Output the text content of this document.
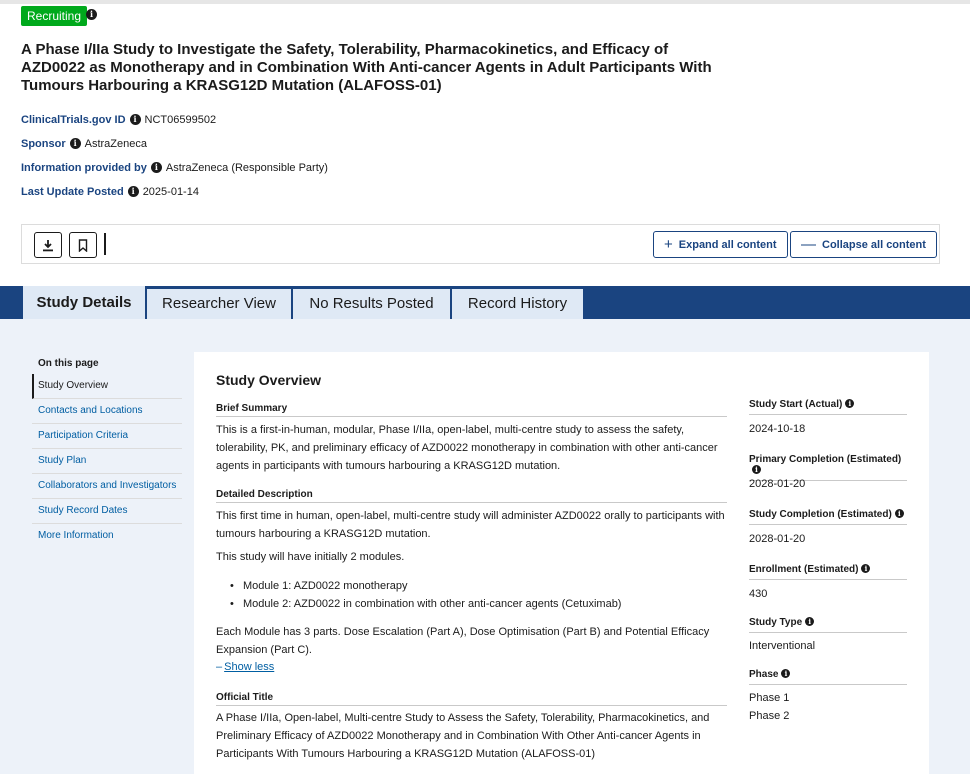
Recruiting	i
A Phase I/IIa Study to Investigate the Safety, Tolerability, Pharmacokinetics, and Efficacy of AZD0022 as Monotherapy and in Combination With Anti-cancer Agents in Adult Participants With Tumours Harbouring a KRASG12D Mutation (ALAFOSS-01)
ClinicalTrials.gov ID i NCT06599502
Sponsor i AstraZeneca
Information provided by i AstraZeneca (Responsible Party)
Last Update Posted i 2025-01-14
+ Expand all content — Collapse all content
Study Details	Researcher View	No Results Posted	Record History
On this page
Study Overview
Contacts and Locations
Participation Criteria
Study Plan
Collaborators and Investigators
Study Record Dates
More Information
Study Overview
Brief Summary

This is a first-in-human, modular, Phase I/IIa, open-label, multi-centre study to assess the safety, tolerability, PK, and preliminary efficacy of AZD0022 monotherapy in combination with other anti-cancer agents in participants with tumours harbouring a KRASG12D mutation.

Detailed Description

This first time in human, open-label, multi-centre study will administer AZD0022 orally to participants with tumours harbouring a KRASG12D mutation.

This study will have initially 2 modules.

• Module 1: AZD0022 monotherapy
• Module 2: AZD0022 in combination with other anti-cancer agents (Cetuximab)

Each Module has 3 parts. Dose Escalation (Part A), Dose Optimisation (Part B) and Potential Efficacy Expansion (Part C).

– Show less
Official Title

A Phase I/IIa, Open-label, Multi-centre Study to Assess the Safety, Tolerability, Pharmacokinetics, and Preliminary Efficacy of AZD0022 Monotherapy and in Combination With Other Anti-cancer Agents in Participants With Tumours Harbouring a KRASG12D Mutation (ALAFOSS-01)

Study Start (Actual) i
2024-10-18
Primary Completion (Estimated)i
2028-01-20
Study Completion (Estimated) i
2028-01-20
Enrollment (Estimated) i
430
Study Type i
Interventional
Phase i
Phase 1
Phase 2
